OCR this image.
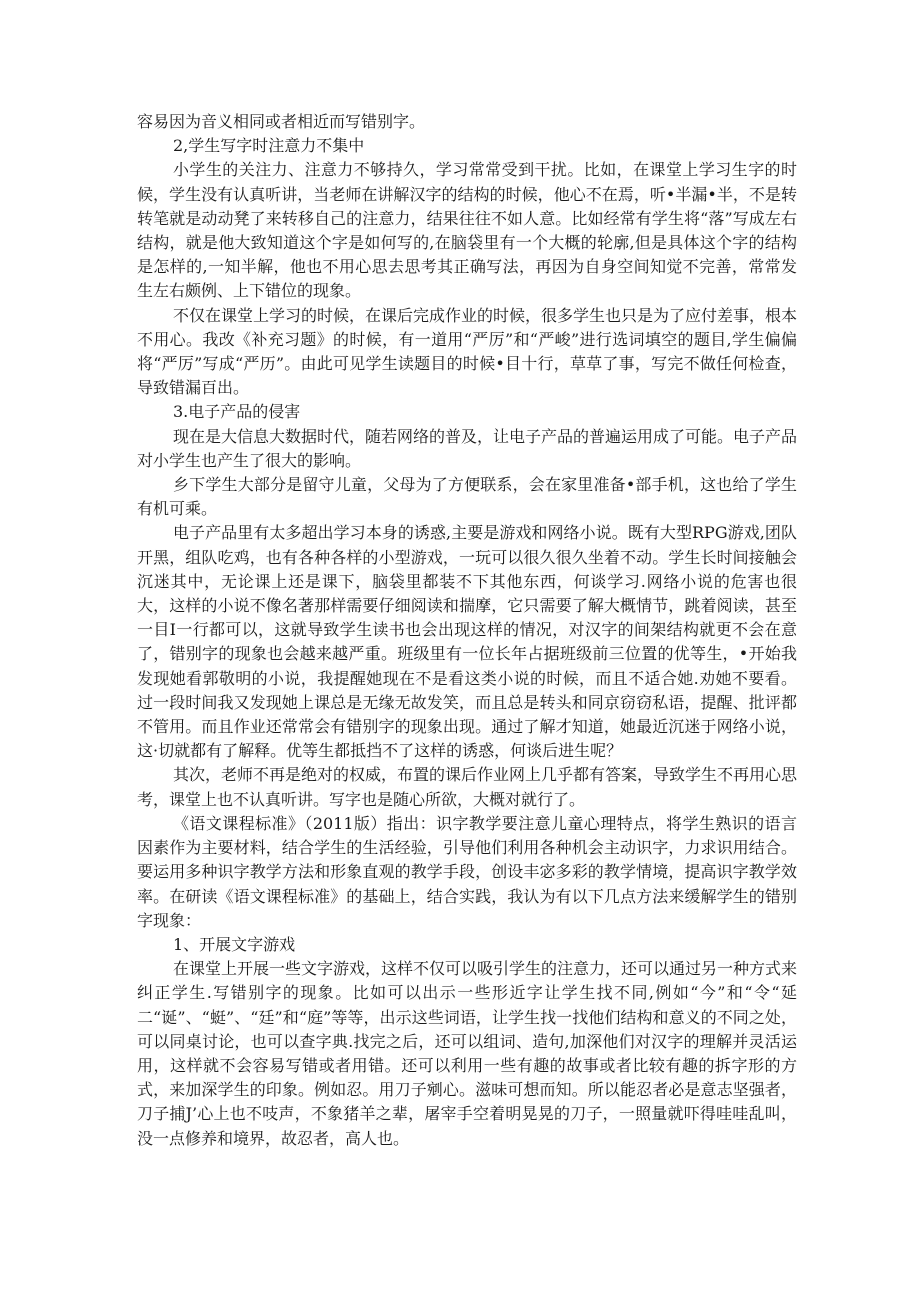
容易因为音义相同或者相近而写错别字。

2,学生写字时注意力不集中

小学生的关注力、注意力不够持久，学习常常受到干扰。比如，在课堂上学习生字的时候，学生没有认真听讲，当老师在讲解汉字的结构的时候，他心不在焉，听•半漏•半，不是转转笔就是动动凳了来转移自己的注意力，结果往往不如人意。比如经常有学生将“落”写成左右结构，就是他大致知道这个字是如何写的,在脑袋里有一个大概的轮廓,但是具体这个字的结构是怎样的,一知半解，他也不用心思去思考其正确写法，再因为自身空间知觉不完善，常常发生左右颇例、上下错位的现象。

不仅在课堂上学习的时候，在课后完成作业的时候，很多学生也只是为了应付差事，根本不用心。我改《补充习题》的时候，有一道用“严厉”和“严峻”进行选词填空的题目,学生偏偏将“严厉”写成“严历”。由此可见学生读题目的时候•目十行，草草了事，写完不做任何检查，导致错漏百出。

3.电子产品的侵害

现在是大信息大数据时代，随若网络的普及，让电子产品的普遍运用成了可能。电子产品对小学生也产生了很大的影响。

乡下学生大部分是留守儿童，父母为了方便联系，会在家里准备•部手机，这也给了学生有机可乘。

电子产品里有太多超出学习本身的诱惑,主要是游戏和网络小说。既有大型RPG游戏,团队开黑，组队吃鸡，也有各种各样的小型游戏，一玩可以很久很久坐着不动。学生长时间接触会沉迷其中，无论课上还是课下，脑袋里都装不下其他东西，何谈学习.网络小说的危害也很大，这样的小说不像名著那样需要仔细阅读和揣摩，它只需要了解大概情节，跳着阅读，甚至一目I一行都可以，这就导致学生读书也会出现这样的情况，对汉字的间架结构就更不会在意了，错别字的现象也会越来越严重。班级里有一位长年占据班级前三位置的优等生，•开始我发现她看郭敬明的小说，我提醒她现在不是看这类小说的时候，而且不适合她.劝她不要看。过一段时间我又发现她上课总是无缘无故发笑，而且总是转头和同京窃窃私语，提醒、批评都不管用。而且作业还常常会有错别字的现象出现。通过了解才知道，她最近沉迷于网络小说，这·切就都有了解释。优等生都抵挡不了这样的诱惑，何谈后进生呢？

其次，老师不再是绝对的权威，布置的课后作业网上几乎都有答案，导致学生不再用心思考，课堂上也不认真听讲。写字也是随心所欲，大概对就行了。

《语文课程标准》（2011版）指出：识字教学要注意儿童心理特点，将学生熟识的语言因素作为主要材料，结合学生的生活经验，引导他们利用各种机会主动识字，力求识用结合。要运用多种识字教学方法和形象直观的教学手段，创设丰宓多彩的教学情境，提高识字教学效率。在研读《语文课程标准》的基础上，结合实践，我认为有以下几点方法来缓解学生的错别字现象：

1、开展文字游戏

在课堂上开展一些文字游戏，这样不仅可以吸引学生的注意力，还可以通过另一种方式来纠正学生.写错别字的现象。比如可以出示一些形近字让学生找不同,例如“今”和“令“延二“诞”、“蜓”、“廷”和“庭”等等，出示这些词语，让学生找一找他们结构和意义的不同之处，可以同桌讨论，也可以查字典.找完之后，还可以组词、造句,加深他们对汉字的理解并灵活运用，这样就不会容易写错或者用错。还可以利用一些有趣的故事或者比较有趣的拆字形的方式，来加深学生的印象。例如忍。用刀子剜心。滋味可想而知。所以能忍者必是意志坚强者，刀子捕J’心上也不吱声，不象猪羊之辈，屠宰手空着明晃晃的刀子，一照量就吓得哇哇乱叫，没一点修养和境界，故忍者，高人也。
